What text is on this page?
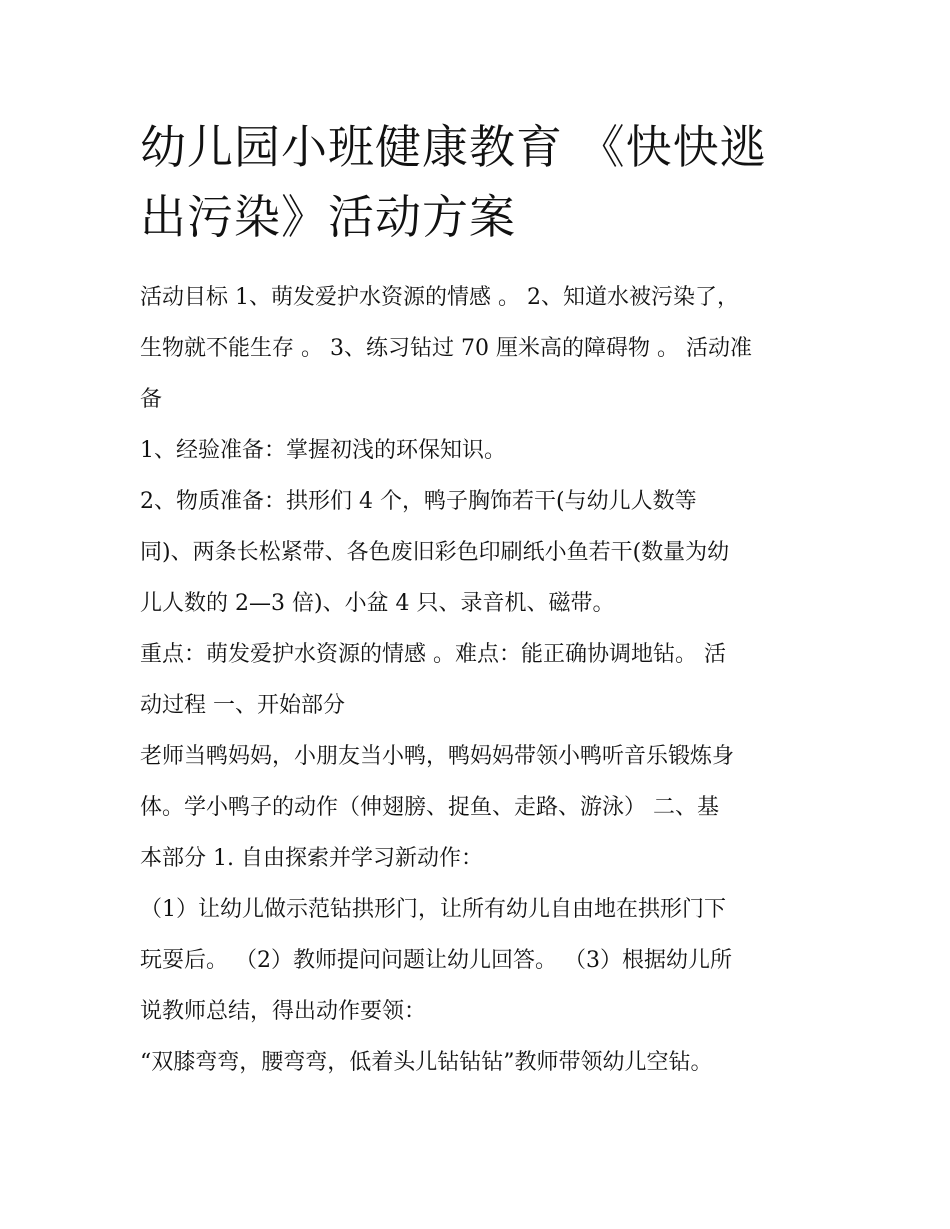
幼儿园小班健康教育 《快快逃
出污染》活动方案
活动目标 1、萌发爱护水资源的情感 。 2、知道水被污染了，
生物就不能生存 。 3、练习钻过 70 厘米高的障碍物 。 活动准
备
1、经验准备：掌握初浅的环保知识。
2、物质准备：拱形们 4 个，鸭子胸饰若干(与幼儿人数等
同)、两条长松紧带、各色废旧彩色印刷纸小鱼若干(数量为幼
儿人数的 2—3 倍)、小盆 4 只、录音机、磁带。
重点：萌发爱护水资源的情感 。难点：能正确协调地钻。 活
动过程 一、开始部分
老师当鸭妈妈，小朋友当小鸭，鸭妈妈带领小鸭听音乐锻炼身
体。学小鸭子的动作（伸翅膀、捉鱼、走路、游泳） 二、基
本部分 1. 自由探索并学习新动作：
（1）让幼儿做示范钻拱形门，让所有幼儿自由地在拱形门下
玩耍后。 （2）教师提问问题让幼儿回答。 （3）根据幼儿所
说教师总结，得出动作要领：
“双膝弯弯，腰弯弯，低着头儿钻钻钻”教师带领幼儿空钻。
